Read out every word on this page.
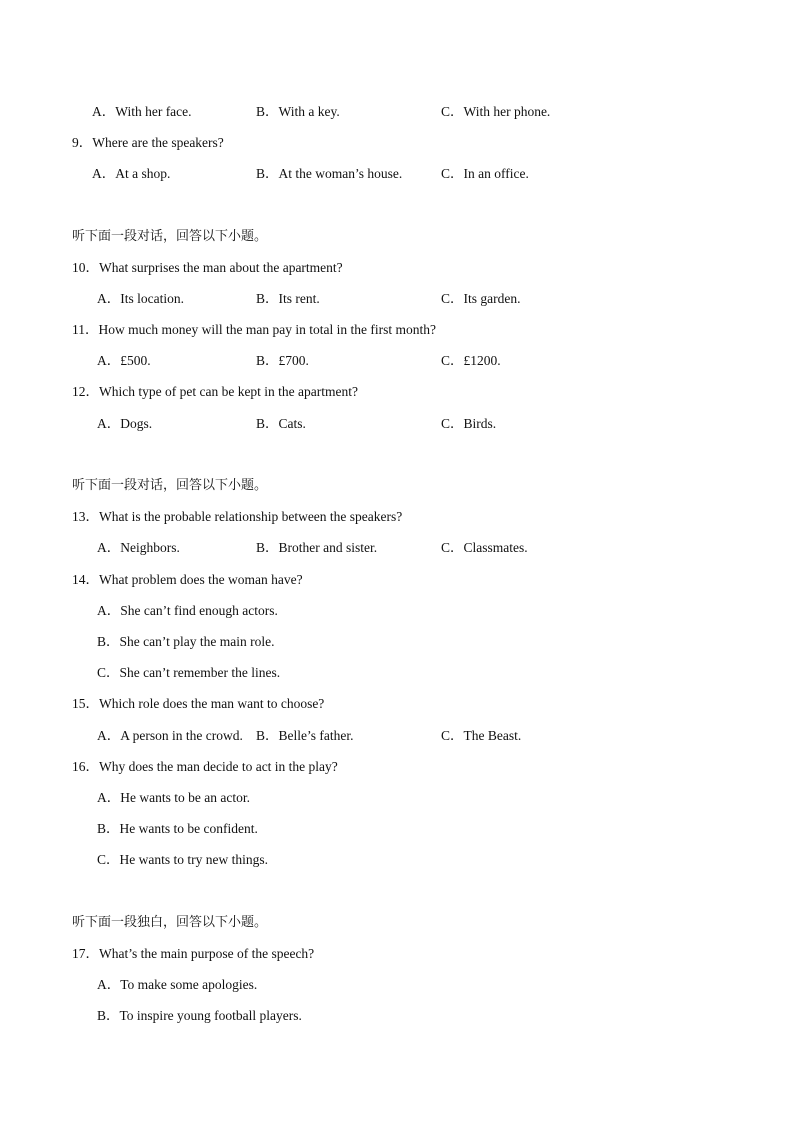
A．With her face.	B．With a key.	C．With her phone.
9．Where are the speakers?
A．At a shop.	B．At the woman’s house.	C．In an office.
听下面一段对话，回答以下小题。
10．What surprises the man about the apartment?
A．Its location.	B．Its rent.	C．Its garden.
11．How much money will the man pay in total in the first month?
A．£500.	B．£700.	C．£1200.
12．Which type of pet can be kept in the apartment?
A．Dogs.	B．Cats.	C．Birds.
听下面一段对话，回答以下小题。
13．What is the probable relationship between the speakers?
A．Neighbors.	B．Brother and sister.	C．Classmates.
14．What problem does the woman have?
A．She can’t find enough actors.
B．She can’t play the main role.
C．She can’t remember the lines.
15．Which role does the man want to choose?
A．A person in the crowd. B．Belle’s father.	C．The Beast.
16．Why does the man decide to act in the play?
A．He wants to be an actor.
B．He wants to be confident.
C．He wants to try new things.
听下面一段独白，回答以下小题。
17．What’s the main purpose of the speech?
A．To make some apologies.
B．To inspire young football players.
